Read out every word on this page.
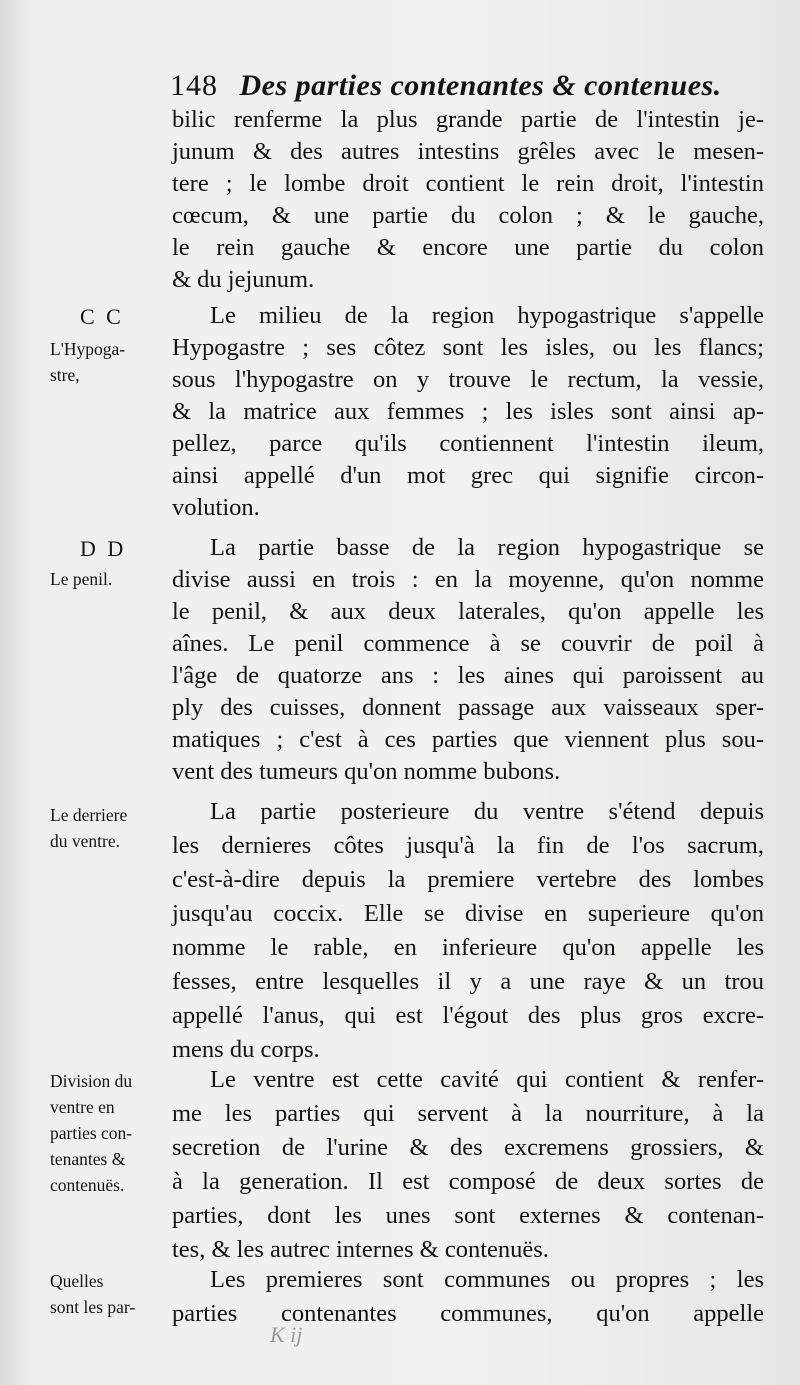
148 Des parties contenantes & contenues.
bilic renferme la plus grande partie de l'intestin je-
junum & des autres intestins grêles avec le mesen-
tere ; le lombe droit contient le rein droit, l'intestin
cœcum, & une partie du colon ; & le gauche,
le rein gauche & encore une partie du colon
& du jejunum.
Le milieu de la region hypogastrique s'appelle
Hypogastre ; ses côtez sont les isles, ou les flancs;
sous l'hypogastre on y trouve le rectum, la vessie,
& la matrice aux femmes ; les isles sont ainsi ap-
pellez, parce qu'ils contiennent l'intestin ileum,
ainsi appellé d'un mot grec qui signifie circon-
volution.
La partie basse de la region hypogastrique se
divise aussi en trois : en la moyenne, qu'on nomme
le penil, & aux deux laterales, qu'on appelle les
aînes. Le penil commence à se couvrir de poil à
l'âge de quatorze ans : les aines qui paroissent au
ply des cuisses, donnent passage aux vaisseaux sper-
matiques ; c'est à ces parties que viennent plus sou-
vent des tumeurs qu'on nomme bubons.
La partie posterieure du ventre s'étend depuis
les dernieres côtes jusqu'à la fin de l'os sacrum,
c'est-à-dire depuis la premiere vertebre des lombes
jusqu'au coccix. Elle se divise en superieure qu'on
nomme le rable, en inferieure qu'on appelle les
fesses, entre lesquelles il y a une raye & un trou
appellé l'anus, qui est l'égout des plus gros excre-
mens du corps.
Le ventre est cette cavité qui contient & renfer-
me les parties qui servent à la nourriture, à la
secretion de l'urine & des excremens grossiers, &
à la generation. Il est composé de deux sortes de
parties, dont les unes sont externes & contenan-
tes, & les autrec internes & contenuës.
Les premieres sont communes ou propres ; les
parties contenantes communes, qu'on appelle
C C
L'Hypoga-
stre,
D D
Le penil.
Le derriere
du ventre.
Division du
ventre en
parties con-
tenantes &
contenuës.
Quelles
sont les par-
K ij
